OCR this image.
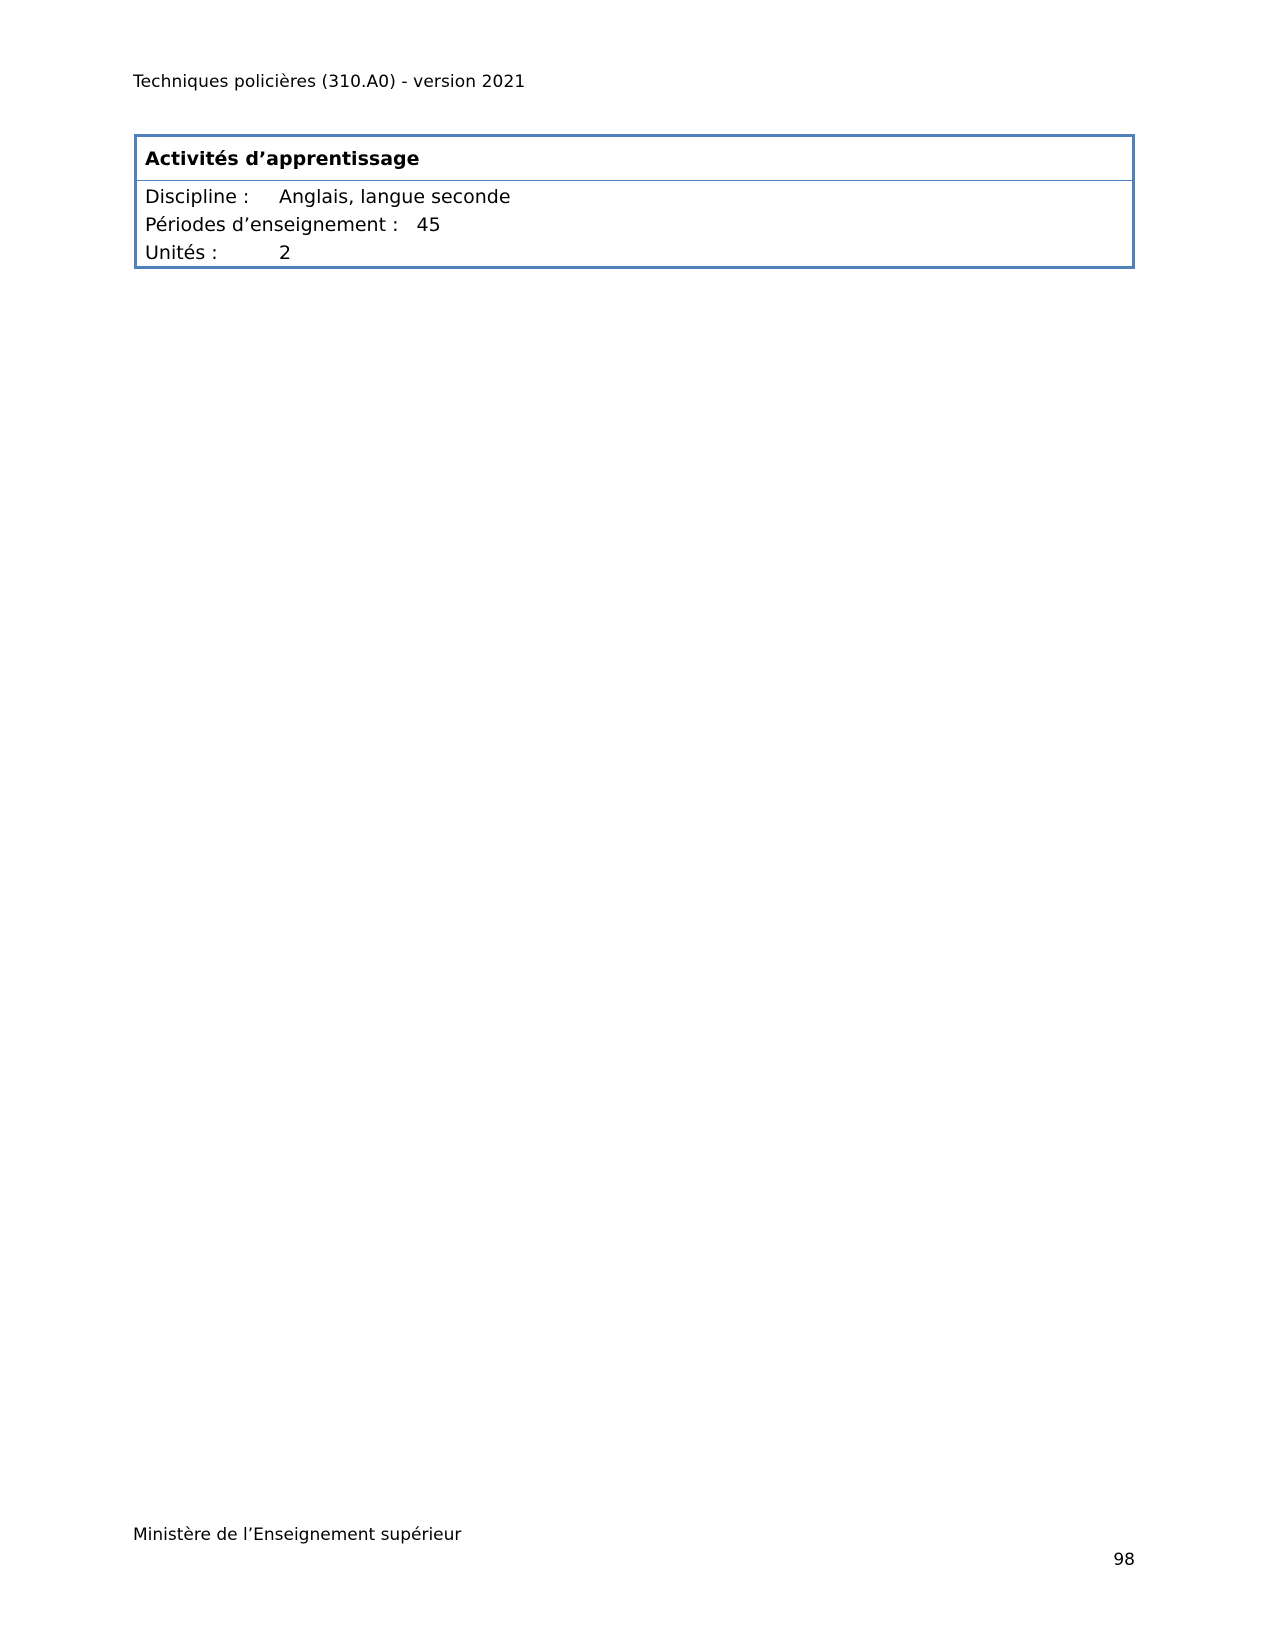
Techniques policières (310.A0) - version 2021
Activités d’apprentissage
Discipline : Anglais, langue seconde
Périodes d’enseignement : 45
Unités :	2
Ministère de l’Enseignement supérieur
98
